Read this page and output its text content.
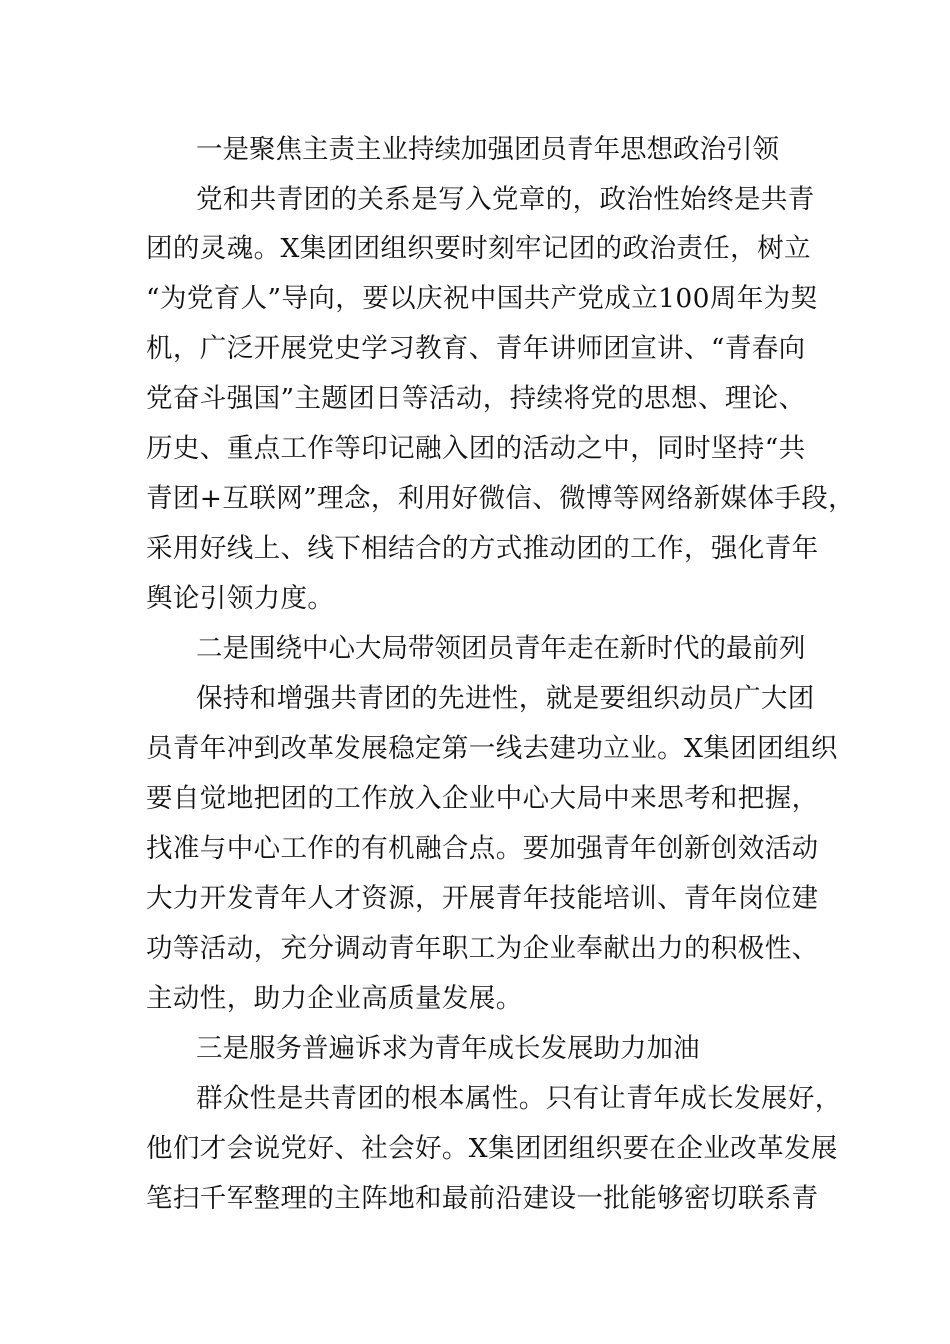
一是聚焦主责主业持续加强团员青年思想政治引领
党和共青团的关系是写入党章的，政治性始终是共青
团的灵魂。X集团团组织要时刻牢记团的政治责任，树立
“为党育人”导向，要以庆祝中国共产党成立100周年为契
机，广泛开展党史学习教育、青年讲师团宣讲、“青春向
党奋斗强国”主题团日等活动，持续将党的思想、理论、
历史、重点工作等印记融入团的活动之中，同时坚持“共
青团+互联网”理念，利用好微信、微博等网络新媒体手段，
采用好线上、线下相结合的方式推动团的工作，强化青年
舆论引领力度。
二是围绕中心大局带领团员青年走在新时代的最前列
保持和增强共青团的先进性，就是要组织动员广大团
员青年冲到改革发展稳定第一线去建功立业。X集团团组织
要自觉地把团的工作放入企业中心大局中来思考和把握，
找准与中心工作的有机融合点。要加强青年创新创效活动
大力开发青年人才资源，开展青年技能培训、青年岗位建
功等活动，充分调动青年职工为企业奉献出力的积极性、
主动性，助力企业高质量发展。
三是服务普遍诉求为青年成长发展助力加油
群众性是共青团的根本属性。只有让青年成长发展好，
他们才会说党好、社会好。X集团团组织要在企业改革发展
笔扫千军整理的主阵地和最前沿建设一批能够密切联系青
